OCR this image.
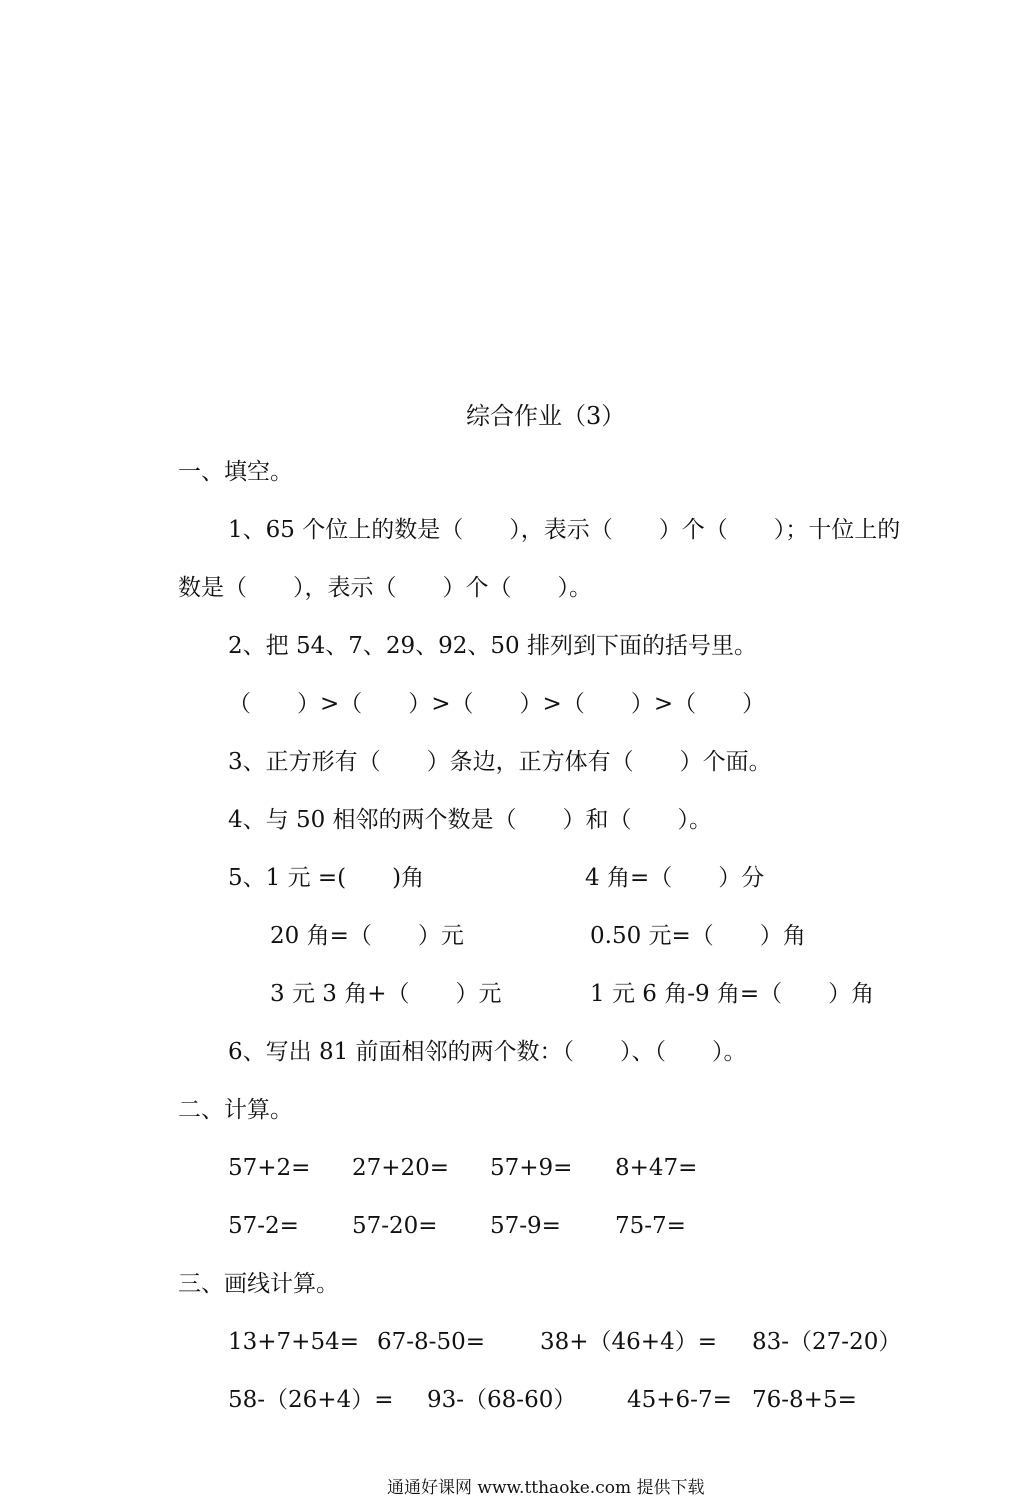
综合作业（3）
一、填空。
1、65 个位上的数是（　　），表示（　　）个（　　）；十位上的
数是（　　），表示（　　）个（　　）。
2、把 54、7、29、92、50 排列到下面的括号里。
（　　）>（　　）>（　　）>（　　）>（　　）
3、正方形有（　　）条边，正方体有（　　）个面。
4、与 50 相邻的两个数是（　　）和（　　）。
5、1 元 =(　　)角	4 角=（　　）分
20 角=（　　）元	0.50 元=（　　）角
3 元 3 角+（　　）元	1 元 6 角-9 角=（　　）角
6、写出 81 前面相邻的两个数：（　　）、（　　）。
二、计算。
57+2= 27+20= 57+9= 8+47=
57-2= 57-20= 57-9= 75-7=
三、画线计算。
13+7+54= 67-8-50= 38+（46+4）= 83-（27-20）
58-（26+4）= 93-（68-60） 45+6-7= 76-8+5=
通通好课网 www.tthaoke.com 提供下载
